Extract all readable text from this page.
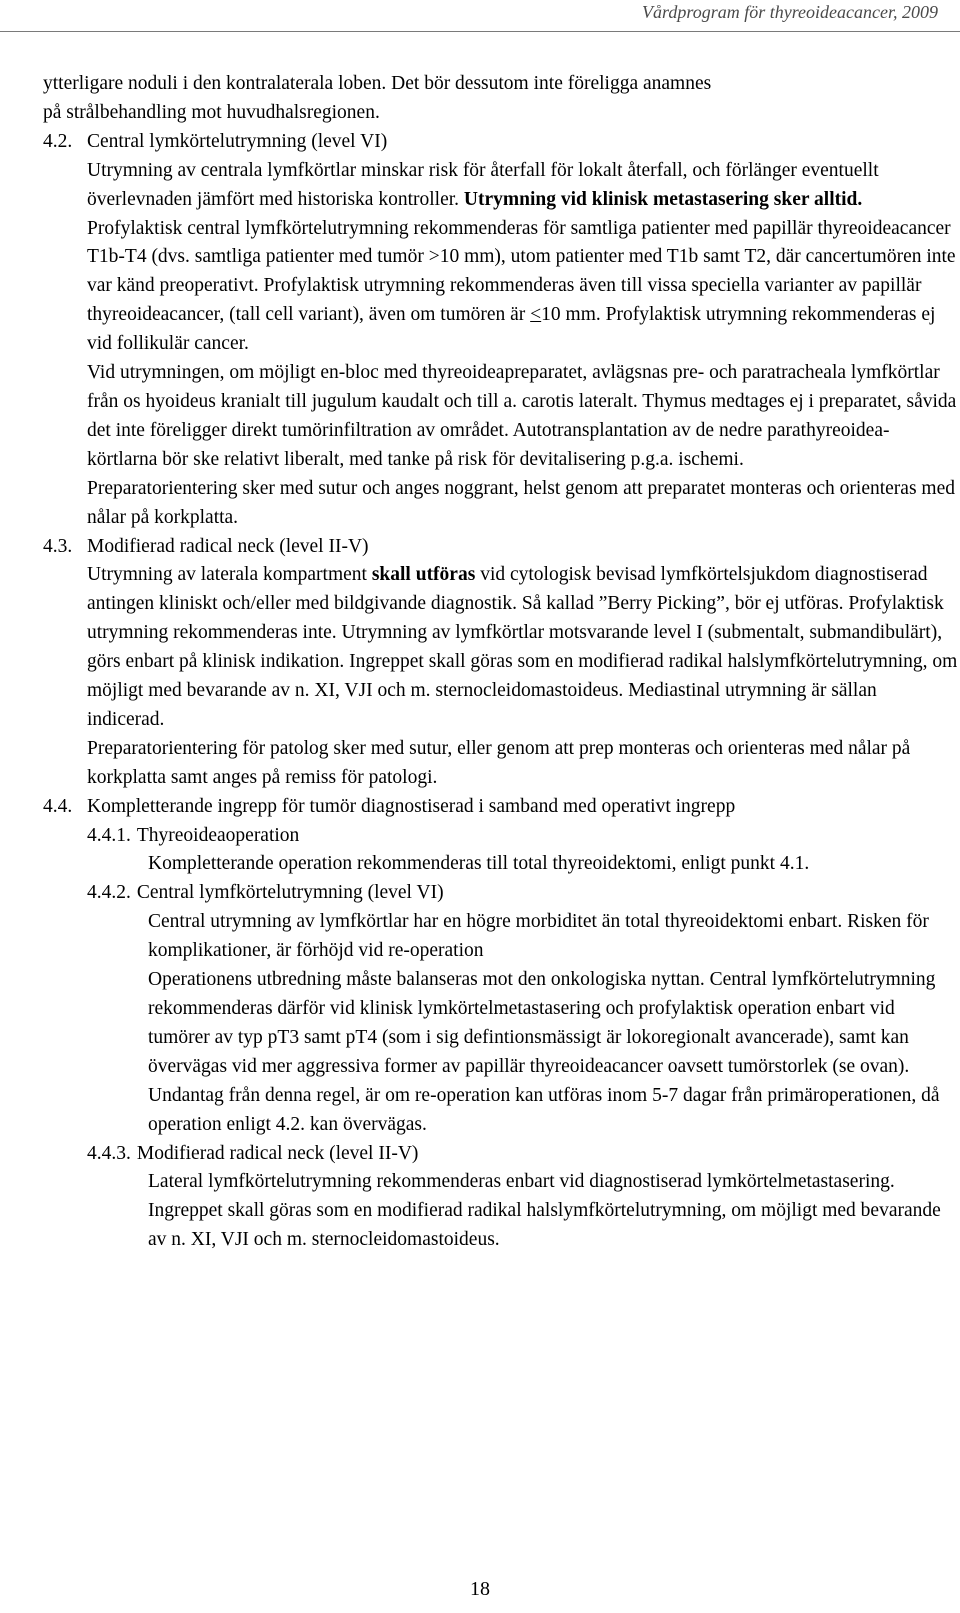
Vårdprogram för thyreoideacancer, 2009

ytterligare noduli i den kontralaterala loben. Det bör dessutom inte föreligga anamnes
på strålbehandling mot huvudhalsregionen.

4.2. Central lymkörtelutrymning (level VI)

Utrymning av centrala lymfkörtlar minskar risk för återfall för lokalt återfall, och förlänger eventuellt överlevnaden jämfört med historiska kontroller. Utrymning vid klinisk metastasering sker alltid. Profylaktisk central lymfkörtelutrymning rekommenderas för samtliga patienter med papillär thyreoideacancer T1b-T4 (dvs. samtliga patienter med tumör >10 mm), utom patienter med T1b samt T2, där cancertumören inte var känd preoperativt. Profylaktisk utrymning rekommenderas även till vissa speciella varianter av papillär thyreoideacancer, (tall cell variant), även om tumören är ≤10 mm. Profylaktisk utrymning rekommenderas ej vid follikulär cancer.

Vid utrymningen, om möjligt en-bloc med thyreoideapreparatet, avlägsnas pre- och paratracheala lymfkörtlar från os hyoideus kranialt till jugulum kaudalt och till a. carotis lateralt. Thymus medtages ej i preparatet, såvida det inte föreligger direkt tumörinfiltration av området. Autotransplantation av de nedre parathyreoidea-körtlarna bör ske relativt liberalt, med tanke på risk för devitalisering p.g.a. ischemi.

Preparatorientering sker med sutur och anges noggrant, helst genom att preparatet monteras och orienteras med nålar på korkplatta.

4.3. Modifierad radical neck (level II-V)

Utrymning av laterala kompartment skall utföras vid cytologisk bevisad lymfkörtelsjukdom diagnostiserad antingen kliniskt och/eller med bildgivande diagnostik. Så kallad ”Berry Picking”, bör ej utföras. Profylaktisk utrymning rekommenderas inte. Utrymning av lymfkörtlar motsvarande level I (submentalt, submandibulärt), görs enbart på klinisk indikation. Ingreppet skall göras som en modifierad radikal halslymfkörtelutrymning, om möjligt med bevarande av n. XI, VJI och m. sternocleidomastoideus. Mediastinal utrymning är sällan indicerad.

Preparatorientering för patolog sker med sutur, eller genom att prep monteras och orienteras med nålar på korkplatta samt anges på remiss för patologi.

4.4. Kompletterande ingrepp för tumör diagnostiserad i samband med operativt ingrepp
4.4.1. Thyreoideaoperation

Kompletterande operation rekommenderas till total thyreoidektomi, enligt punkt 4.1.

4.4.2. Central lymfkörtelutrymning (level VI)

Central utrymning av lymfkörtlar har en högre morbiditet än total thyreoidektomi enbart. Risken för komplikationer, är förhöjd vid re-operation

Operationens utbredning måste balanseras mot den onkologiska nyttan. Central lymfkörtelutrymning rekommenderas därför vid klinisk lymkörtelmetastasering och profylaktisk operation enbart vid tumörer av typ pT3 samt pT4 (som i sig defintionsmässigt är lokoregionalt avancerade), samt kan övervägas vid mer aggressiva former av papillär thyreoideacancer oavsett tumörstorlek (se ovan).

Undantag från denna regel, är om re-operation kan utföras inom 5-7 dagar från primäroperationen, då operation enligt 4.2. kan övervägas.

4.4.3. Modifierad radical neck (level II-V)

Lateral lymfkörtelutrymning rekommenderas enbart vid diagnostiserad lymkörtelmetastasering. Ingreppet skall göras som en modifierad radikal halslymfkörtelutrymning, om möjligt med bevarande av n. XI, VJI och m. sternocleidomastoideus.

18
